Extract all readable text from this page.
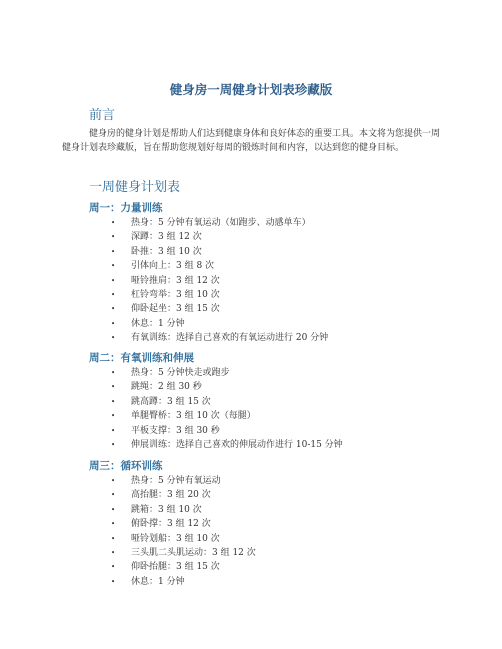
健身房一周健身计划表珍藏版
前言

健身房的健身计划是帮助人们达到健康身体和良好体态的重要工具。本文将为您提供一周健身计划表珍藏版，旨在帮助您规划好每周的锻炼时间和内容，以达到您的健身目标。

一周健身计划表
周一：力量训练
• 热身：5 分钟有氧运动（如跑步、动感单车）
• 深蹲：3 组 12 次
• 卧推：3 组 10 次
• 引体向上：3 组 8 次
• 哑铃推肩：3 组 12 次
• 杠铃弯举：3 组 10 次
• 仰卧起坐：3 组 15 次
• 休息：1 分钟
• 有氧训练：选择自己喜欢的有氧运动进行 20 分钟
周二：有氧训练和伸展
• 热身：5 分钟快走或跑步
• 跳绳：2 组 30 秒
• 跳高蹲：3 组 15 次
• 单腿臀桥：3 组 10 次（每腿）
• 平板支撑：3 组 30 秒
• 伸展训练：选择自己喜欢的伸展动作进行 10-15 分钟
周三：循环训练
• 热身：5 分钟有氧运动
• 高抬腿：3 组 20 次
• 跳箱：3 组 10 次
• 俯卧撑：3 组 12 次
• 哑铃划船：3 组 10 次
• 三头肌二头肌运动：3 组 12 次
• 仰卧抬腿：3 组 15 次
• 休息：1 分钟
